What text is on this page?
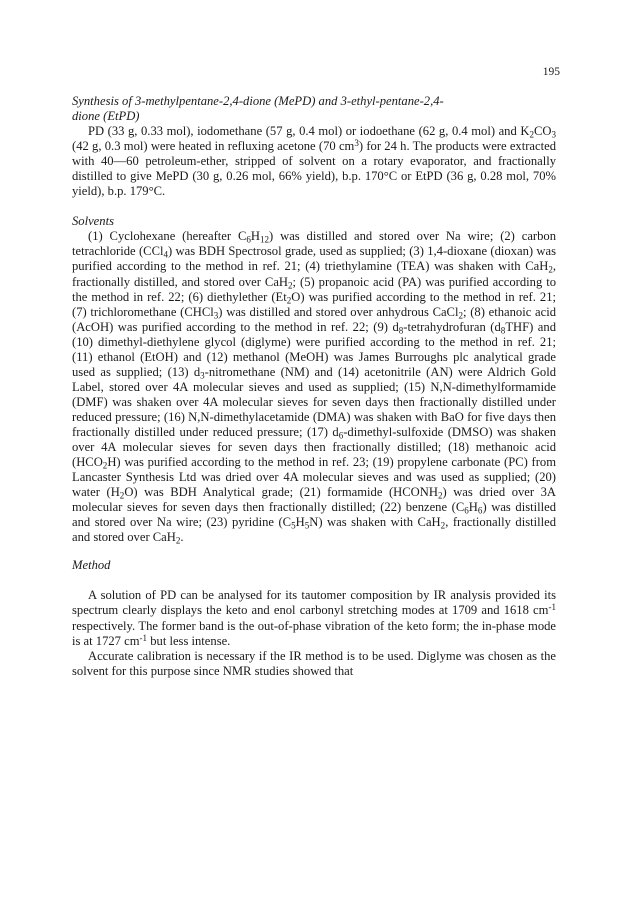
195

Synthesis of 3-methylpentane-2,4-dione (MePD) and 3-ethyl-pentane-2,4-
dione (EtPD)

PD (33 g, 0.33 mol), iodomethane (57 g, 0.4 mol) or iodoethane (62 g, 0.4 mol) and $K_2CO_3$ (42 g, 0.3 mol) were heated in refluxing acetone (70 $cm^3$) for 24 h. The products were extracted with 40—60 petroleum-ether, stripped of solvent on a rotary evaporator, and fractionally distilled to give MePD (30 g, 0.26 mol, 66% yield), b.p. 170°C or EtPD (36 g, 0.28 mol, 70% yield), b.p. 179°C.

Solvents

(1) Cyclohexane (hereafter $C_6H_{12}$) was distilled and stored over Na wire; (2) carbon tetrachloride (CCl$_4$) was BDH Spectrosol grade, used as supplied; (3) 1,4-dioxane (dioxan) was purified according to the method in ref. 21; (4) triethylamine (TEA) was shaken with CaH$_2$, fractionally distilled, and stored over CaH$_2$; (5) propanoic acid (PA) was purified according to the method in ref. 22; (6) diethylether $(Et_2O)$ was purified according to the method in ref. 21; (7) trichloromethane (CHCl$_3$) was distilled and stored over anhydrous CaCl$_2$; (8) ethanoic acid (AcOH) was purified according to the method in ref. 22; (9) $d_8$-tetrahydrofuran $(d_8THF)$ and (10) dimethyl-diethylene glycol (diglyme) were purified according to the method in ref. 21; (11) ethanol (EtOH) and (12) methanol (MeOH) was James Burroughs plc analytical grade used as supplied; (13) $d_3$-nitromethane (NM) and (14) acetonitrile (AN) were Aldrich Gold Label, stored over 4A molecular sieves and used as supplied; (15) N,N-dimethylformamide (DMF) was shaken over 4A molecular sieves for seven days then fractionally distilled under reduced pressure; (16) N,N-dimethylacetamide (DMA) was shaken with BaO for five days then fractionally distilled under reduced pressure; (17) $d_6-dimethyl$-sulfoxide (DMSO) was shaken over 4A molecular sieves for seven days then fractionally distilled; (18) methanoic acid $(HCO_2H)$ was purified according to the method in ref. 23; (19) propylene carbonate (PC) from Lancaster Synthesis Ltd was dried over 4A molecular sieves and was used as supplied; (20) water $(H_2O)$ was BDH Analytical grade; (21) formamide $(HCONH_2)$ was dried over 3A molecular sieves for seven days then fractionally distilled; (22) benzene $(C_6H_6)$ was distilled and stored over Na wire; (23) pyridine $(C_5H_5N)$ was shaken with CaH$_2$, fractionally distilled and stored over CaH$_2$.

Method

A solution of PD can be analysed for its tautomer composition by IR analysis provided its spectrum clearly displays the keto and enol carbonyl stretching modes at 1709 and 1618 $cm^{-1}$ respectively. The former band is the out-of-phase vibration of the keto form; the in-phase mode is at 1727 $cm^{-1}$ but less intense.

Accurate calibration is necessary if the IR method is to be used. Diglyme was chosen as the solvent for this purpose since NMR studies showed that
